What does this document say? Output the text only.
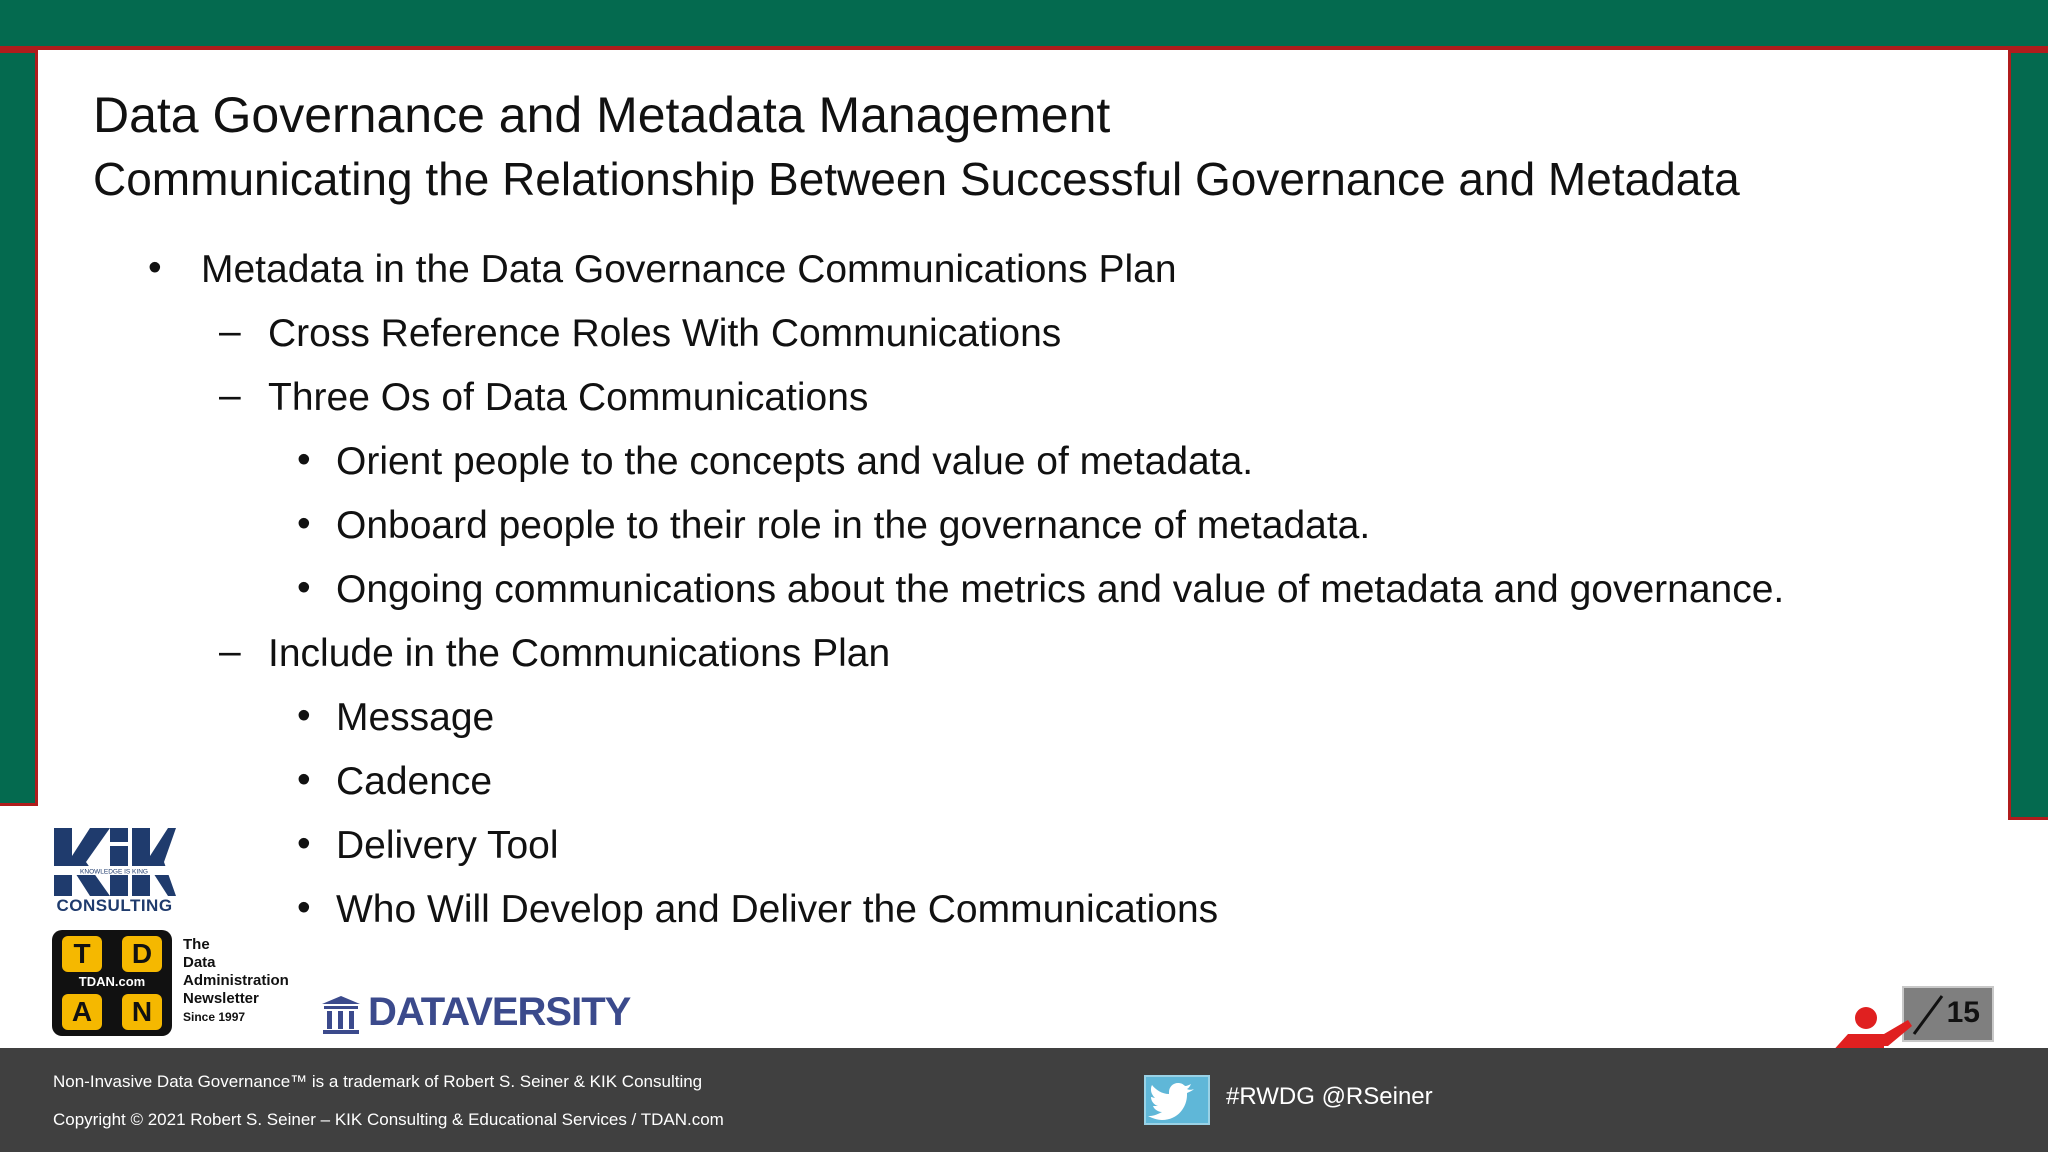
Data Governance and Metadata Management
Communicating the Relationship Between Successful Governance and Metadata
• Metadata in the Data Governance Communications Plan
– Cross Reference Roles With Communications
– Three Os of Data Communications
• Orient people to the concepts and value of metadata.
• Onboard people to their role in the governance of metadata.
• Ongoing communications about the metrics and value of metadata and governance.
– Include in the Communications Plan
• Message
• Cadence
• Delivery Tool
• Who Will Develop and Deliver the Communications
KNOWLEDGE IS KING
CONSULTING
T	D
TDAN.com
A	N
The
Data
Administration
Newsletter
Since 1997	DATAVERSITY	15
Non-Invasive Data Governance™ is a trademark of Robert S. Seiner & KIK Consulting
Copyright © 2021 Robert S. Seiner – KIK Consulting & Educational Services / TDAN.com
#RWDG @RSeiner
